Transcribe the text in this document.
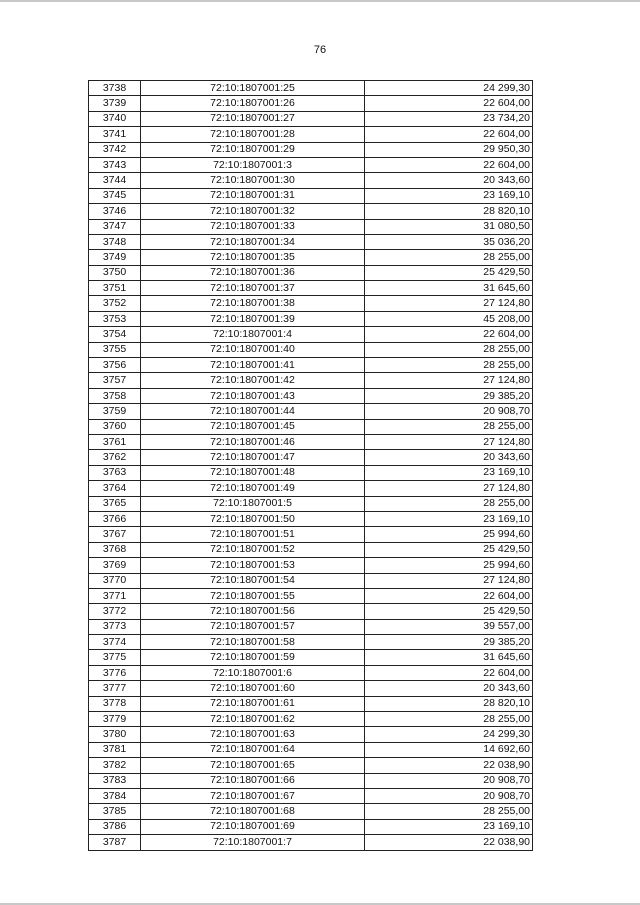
76
3738	72:10:1807001:25	24 299,30
3739	72:10:1807001:26	22 604,00
3740	72:10:1807001:27	23 734,20
3741	72:10:1807001:28	22 604,00
3742	72:10:1807001:29	29 950,30
3743	72:10:1807001:3	22 604,00
3744	72:10:1807001:30	20 343,60
3745	72:10:1807001:31	23 169,10
3746	72:10:1807001:32	28 820,10
3747	72:10:1807001:33	31 080,50
3748	72:10:1807001:34	35 036,20
3749	72:10:1807001:35	28 255,00
3750	72:10:1807001:36	25 429,50
3751	72:10:1807001:37	31 645,60
3752	72:10:1807001:38	27 124,80
3753	72:10:1807001:39	45 208,00
3754	72:10:1807001:4	22 604,00
3755	72:10:1807001:40	28 255,00
3756	72:10:1807001:41	28 255,00
3757	72:10:1807001:42	27 124,80
3758	72:10:1807001:43	29 385,20
3759	72:10:1807001:44	20 908,70
3760	72:10:1807001:45	28 255,00
3761	72:10:1807001:46	27 124,80
3762	72:10:1807001:47	20 343,60
3763	72:10:1807001:48	23 169,10
3764	72:10:1807001:49	27 124,80
3765	72:10:1807001:5	28 255,00
3766	72:10:1807001:50	23 169,10
3767	72:10:1807001:51	25 994,60
3768	72:10:1807001:52	25 429,50
3769	72:10:1807001:53	25 994,60
3770	72:10:1807001:54	27 124,80
3771	72:10:1807001:55	22 604,00
3772	72:10:1807001:56	25 429,50
3773	72:10:1807001:57	39 557,00
3774	72:10:1807001:58	29 385,20
3775	72:10:1807001:59	31 645,60
3776	72:10:1807001:6	22 604,00
3777	72:10:1807001:60	20 343,60
3778	72:10:1807001:61	28 820,10
3779	72:10:1807001:62	28 255,00
3780	72:10:1807001:63	24 299,30
3781	72:10:1807001:64	14 692,60
3782	72:10:1807001:65	22 038,90
3783	72:10:1807001:66	20 908,70
3784	72:10:1807001:67	20 908,70
3785	72:10:1807001:68	28 255,00
3786	72:10:1807001:69	23 169,10
3787	72:10:1807001:7	22 038,90
